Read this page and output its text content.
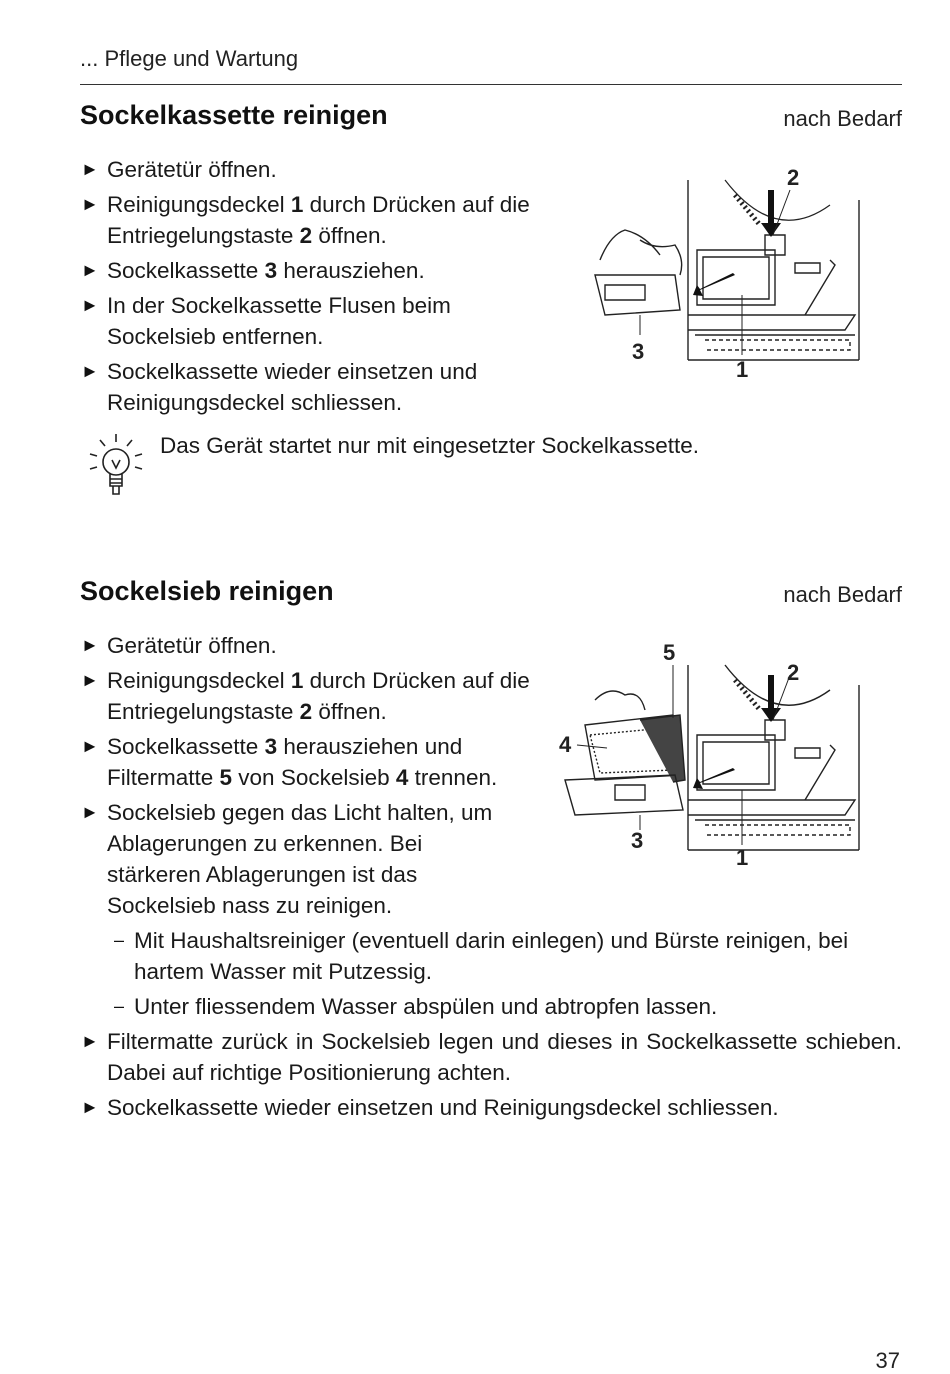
... Pflege und Wartung
Sockelkassette reinigen	nach Bedarf
► Gerätetür öffnen.
► Reinigungsdeckel 1 durch Drücken auf die Entriegelungstaste 2 öffnen.
► Sockelkassette 3 herausziehen.
► In der Sockelkassette Flusen beim Sockelsieb entfernen.
► Sockelkassette wieder einsetzen und Reinigungsdeckel schliessen.
2
3
1
Das Gerät startet nur mit eingesetzter Sockelkassette.
Sockelsieb reinigen	nach Bedarf
► Gerätetür öffnen.
► Reinigungsdeckel 1 durch Drücken auf die Entriegelungstaste 2 öffnen.
► Sockelkassette 3 herausziehen und Filtermatte 5 von Sockelsieb 4 trennen.
► Sockelsieb gegen das Licht halten, um Ablagerungen zu erkennen. Bei stärkeren Ablagerungen ist das Sockelsieb nass zu reinigen.
– Mit Haushaltsreiniger (eventuell darin einlegen) und Bürste reinigen, bei hartem Wasser mit Putzessig.
– Unter fliessendem Wasser abspülen und abtropfen lassen.
► Filtermatte zurück in Sockelsieb legen und dieses in Sockelkassette schieben. Dabei auf richtige Positionierung achten.
► Sockelkassette wieder einsetzen und Reinigungsdeckel schliessen.
5
2
4
3
1
37
